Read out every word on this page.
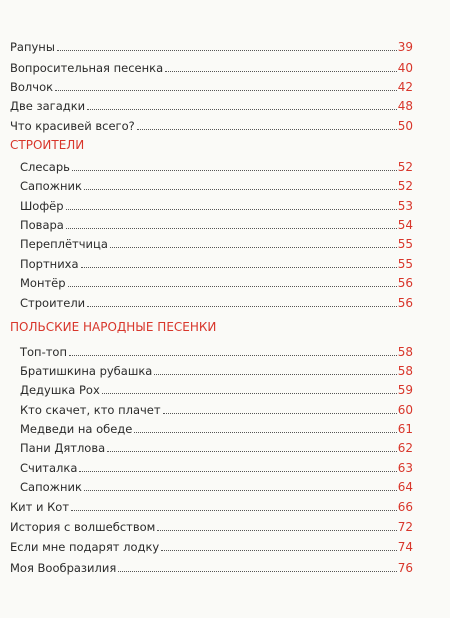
Рапуны	39
Вопросительная песенка	40
Волчок	42
Две загадки	48
Что красивей всего?	50
СТРОИТЕЛИ
Слесарь	52
Сапожник	52
Шофёр	53
Повара	54
Переплётчица	55
Портниха	55
Монтёр	56
Строители	56
ПОЛЬСКИЕ НАРОДНЫЕ ПЕСЕНКИ
Топ-топ	58
Братишкина рубашка	58
Дедушка Рох	59
Кто скачет, кто плачет	60
Медведи на обеде	61
Пани Дятлова	62
Считалка	63
Сапожник	64
Кит и Кот	66
История с волшебством	72
Если мне подарят лодку	74
Моя Вообразилия	76
